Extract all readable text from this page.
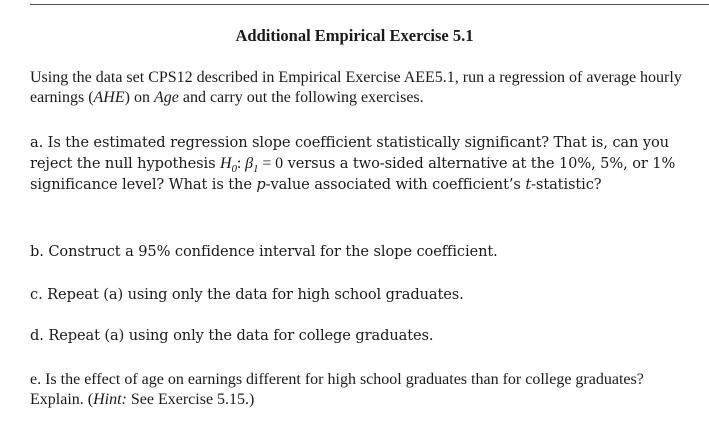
Additional Empirical Exercise 5.1

Using the data set CPS12 described in Empirical Exercise AEE5.1, run a regression of average hourly earnings (AHE) on Age and carry out the following exercises.

a. Is the estimated regression slope coefficient statistically significant? That is, can you reject the null hypothesis $H_0$: $\beta_1 = 0$ versus a two-sided alternative at the 10%, 5%, or 1% significance level? What is the p-value associated with coefficient’s t-statistic?

b. Construct a 95% confidence interval for the slope coefficient.

c. Repeat (a) using only the data for high school graduates.

d. Repeat (a) using only the data for college graduates.

e. Is the effect of age on earnings different for high school graduates than for college graduates? Explain. (Hint: See Exercise 5.15.)
